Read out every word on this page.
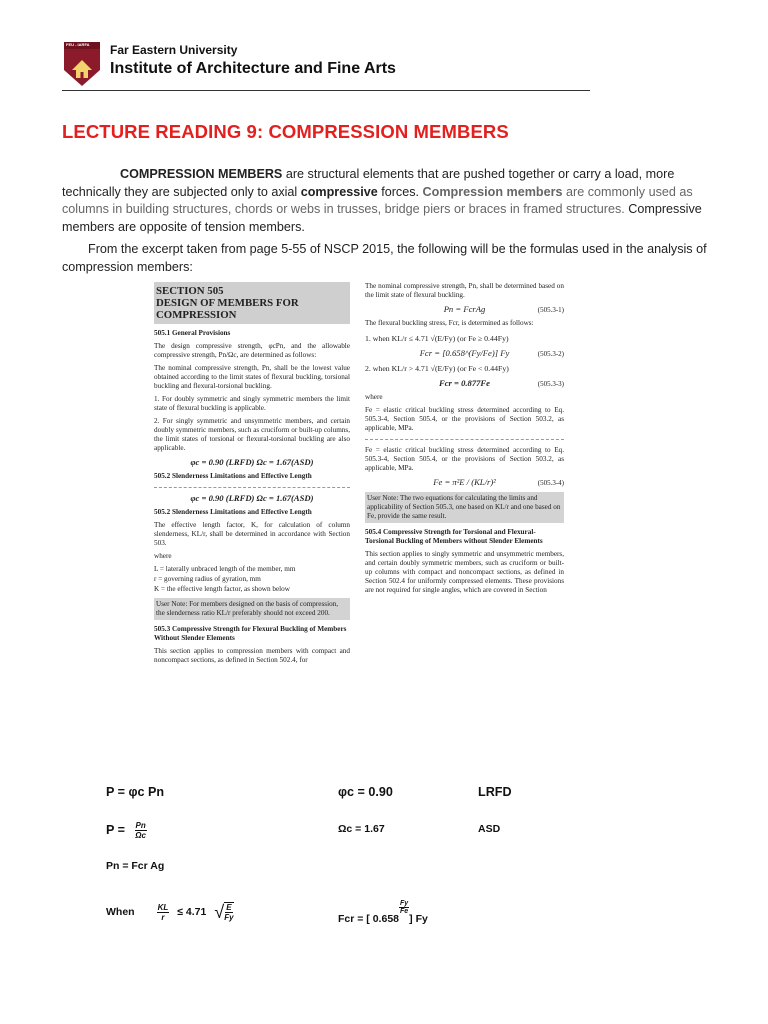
FEU - IARFA Far Eastern University
Institute of Architecture and Fine Arts
LECTURE READING 9: COMPRESSION MEMBERS
COMPRESSION MEMBERS are structural elements that are pushed together or carry a load, more technically they are subjected only to axial compressive forces. Compression members are commonly used as columns in building structures, chords or webs in trusses, bridge piers or braces in framed structures. Compressive members are opposite of tension members.
From the excerpt taken from page 5-55 of NSCP 2015, the following will be the formulas used in the analysis of compression members:
SECTION 505
DESIGN OF MEMBERS FOR COMPRESSION
505.1 General Provisions
The design compressive strength, φcPn, and the allowable compressive strength, Pn/Ωc, are determined as follows:
The nominal compressive strength, Pn, shall be the lowest value obtained according to the limit states of flexural buckling, torsional buckling and flexural-torsional buckling.
1. For doubly symmetric and singly symmetric members the limit state of flexural buckling is applicable.
2. For singly symmetric and unsymmetric members, and certain doubly symmetric members, such as cruciform or built-up columns, the limit states of torsional or flexural-torsional buckling are also applicable.
φc = 0.90 (LRFD) Ωc = 1.67(ASD)
505.2 Slenderness Limitations and Effective Length
φc = 0.90 (LRFD) Ωc = 1.67(ASD)
505.2 Slenderness Limitations and Effective Length
The effective length factor, K, for calculation of column slenderness, KL/r, shall be determined in accordance with Section 503.
where
L = laterally unbraced length of the member, mm
r = governing radius of gyration, mm
K = the effective length factor, as shown below
User Note: For members designed on the basis of compression, the slenderness ratio KL/r preferably should not exceed 200.
505.3 Compressive Strength for Flexural Buckling of Members Without Slender Elements
This section applies to compression members with compact and noncompact sections, as defined in Section 502.4, for
The nominal compressive strength, Pn, shall be determined based on the limit state of flexural buckling.
Pn = FcrAg	(505.3-1)
The flexural buckling stress, Fcr, is determined as follows:
1. when KL/r ≤ 4.71 √(E/Fy) (or Fe ≥ 0.44Fy)
Fcr = [0.658^(Fy/Fe)] Fy	(505.3-2)
2. when KL/r > 4.71 √(E/Fy) (or Fe < 0.44Fy)
Fcr = 0.877Fe	(505.3-3)
where
Fe = elastic critical buckling stress determined according to Eq. 505.3-4, Section 505.4, or the provisions of Section 503.2, as applicable, MPa.
Fe = elastic critical buckling stress determined according to Eq. 505.3-4, Section 505.4, or the provisions of Section 503.2, as applicable, MPa.
Fe = π²E / (KL/r)²	(505.3-4)
User Note: The two equations for calculating the limits and applicability of Section 505.3, one based on KL/r and one based on Fe, provide the same result.
505.4 Compressive Strength for Torsional and Flexural-Torsional Buckling of Members without Slender Elements
This section applies to singly symmetric and unsymmetric members, and certain doubly symmetric members, such as cruciform or built-up columns with compact and noncompact sections, as defined in Section 502.4 for uniformly compressed elements. These provisions are not required for single angles, which are covered in Section
P = φc Pn	φc = 0.90	LRFD
$P = \frac{Pn}{\Omega c}$	Ωc = 1.67	ASD
Pn = Fcr Ag
When	$\frac{KL}{r} \le 4.71$ √ $\frac{E}{Fy}$	Fcr = [ 0.658
$\frac{Fy}{Fe}$
] Fy
